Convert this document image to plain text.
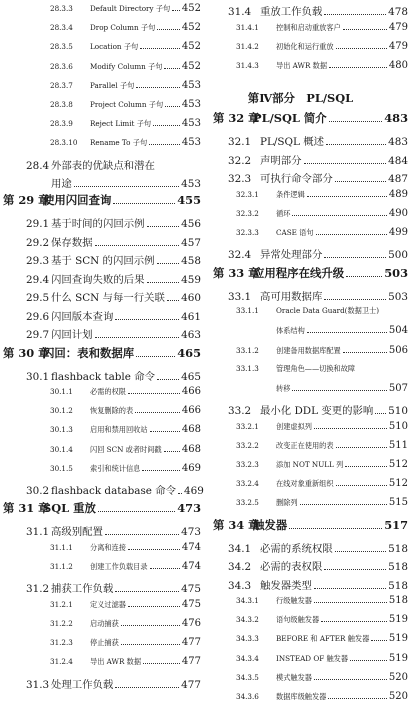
28.3.3	Default Directory 子句 452
28.3.4	Drop Column 子句	452
28.3.5	Location 子句	452
28.3.6	Modify Column 子句 452
28.3.7	Parallel 子句	453
28.3.8	Project Column 子句 453
28.3.9	Reject Limit 子句	453
28.3.10	Rename To 子句	453
28.4 外部表的优缺点和潜在
用途	453
第 29 章
使用闪回查询	455
29.1 基于时间的闪回示例	456
29.2 保存数据	457
29.3 基于 SCN 的闪回示例	458
29.4 闪回查询失败的后果	459
29.5 什么 SCN 与每一行关联 460
29.6 闪回版本查询	461
29.7 闪回计划	463
第 30 章
闪回：表和数据库	465
30.1 flashback table 命令	465
30.1.1	必需的权限	466
30.1.2	恢复删除的表	466
30.1.3	启用和禁用回收站	468
30.1.4	闪回 SCN 或者时间戳 468
30.1.5	索引和统计信息	469
30.2 flashback database 命令 469
第 31 章
SQL 重放	473
31.1 高级别配置	473
31.1.1	分离和连接	474
31.1.2	创建工作负载目录	474
31.2 捕获工作负载	475
31.2.1	定义过滤器	475
31.2.2	启动捕获	476
31.2.3	停止捕获	477
31.2.4	导出 AWR 数据	477
31.3 处理工作负载	477
31.4 重放工作负载	478
31.4.1	控制和启动重放客户	479
31.4.2	初始化和运行重放	479
31.4.3	导出 AWR 数据	480
第Ⅳ部分　PL/SQL
第 32 章
PL/SQL 简介	483
32.1 PL/SQL 概述	483
32.2 声明部分	484
32.3 可执行命令部分	487
32.3.1	条件逻辑	489
32.3.2	循环	490
32.3.3	CASE 语句	499
32.4 异常处理部分	500
第 33 章
应用程序在线升级	503
33.1 高可用数据库	503
33.1.1	Oracle Data Guard(数据卫士)
体系结构	504
33.1.2	创建备用数据库配置	506
33.1.3	管理角色——切换和故障
转移	507
33.2 最小化 DDL 变更的影响 510
33.2.1	创建虚拟列	510
33.2.2	改变正在使用的表	511
33.2.3	添加 NOT NULL 列	512
33.2.4	在线对象重新组织	512
33.2.5	删除列	515
第 34 章
触发器	517
34.1 必需的系统权限	518
34.2 必需的表权限	518
34.3 触发器类型	518
34.3.1	行级触发器	518
34.3.2	语句级触发器	519
34.3.3	BEFORE 和 AFTER 触发器 519
34.3.4	INSTEAD OF 触发器	519
34.3.5	模式触发器	520
34.3.6	数据库级触发器	520
